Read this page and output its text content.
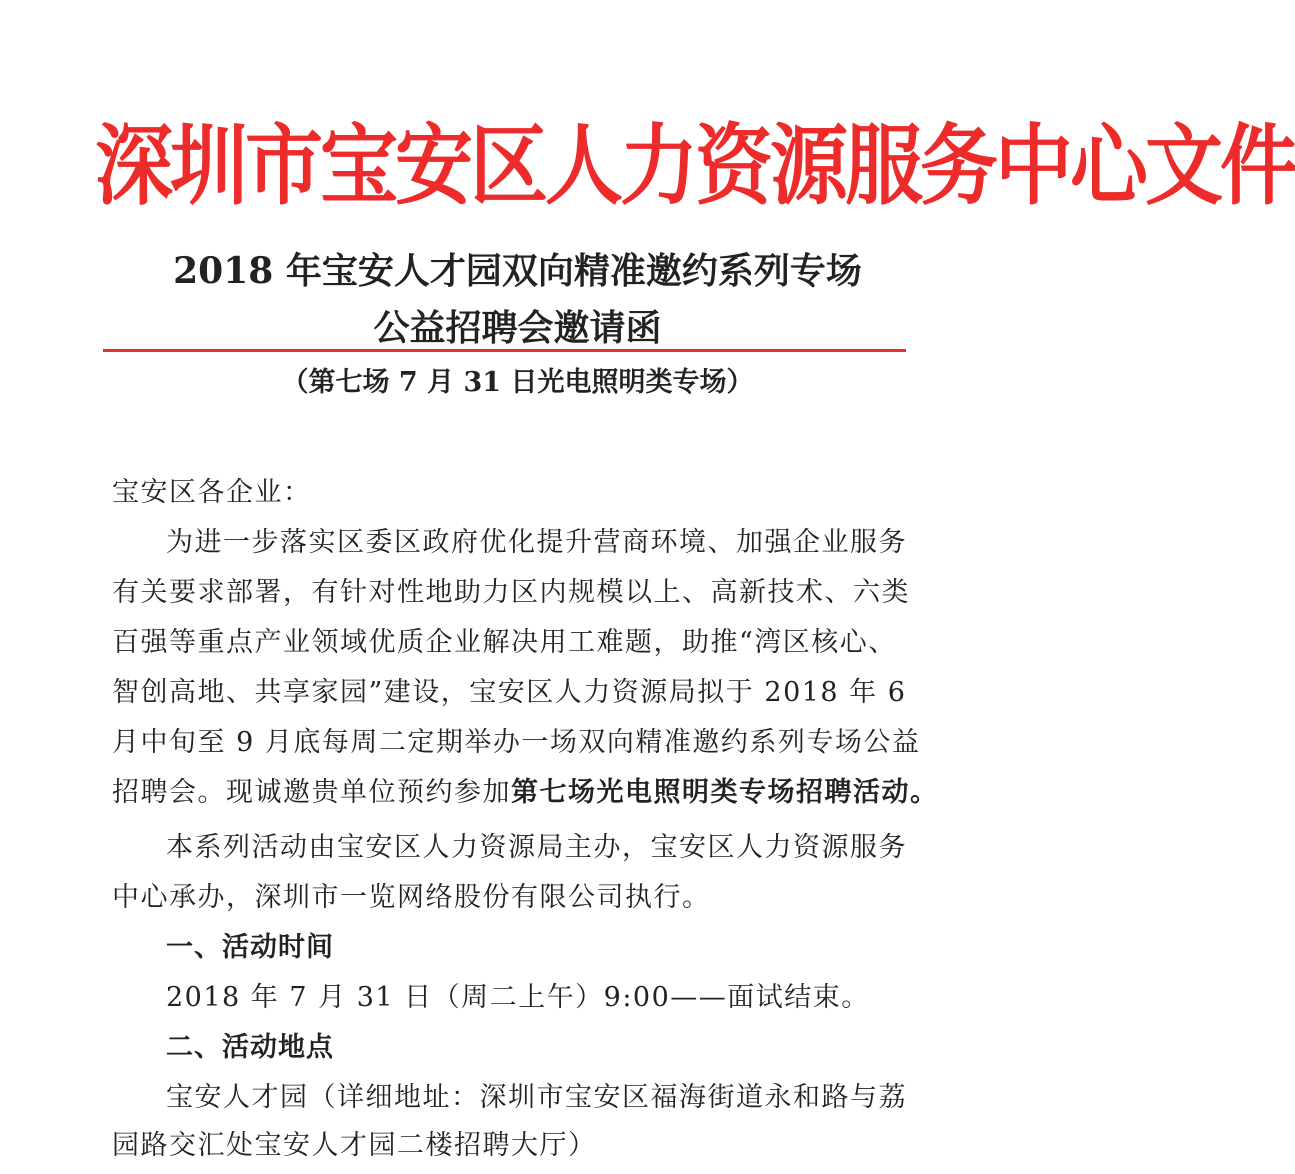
深圳市宝安区人力资源服务中心文件
2018 年宝安人才园双向精准邀约系列专场
公益招聘会邀请函
（第七场 7 月 31 日光电照明类专场）
宝安区各企业：
为进一步落实区委区政府优化提升营商环境、加强企业服务
有关要求部署，有针对性地助力区内规模以上、高新技术、六类
百强等重点产业领域优质企业解决用工难题，助推“湾区核心、
智创高地、共享家园”建设，宝安区人力资源局拟于 2018 年 6
月中旬至 9 月底每周二定期举办一场双向精准邀约系列专场公益
招聘会。现诚邀贵单位预约参加第七场光电照明类专场招聘活动。
本系列活动由宝安区人力资源局主办，宝安区人力资源服务
中心承办，深圳市一览网络股份有限公司执行。
一、活动时间
2018 年 7 月 31 日（周二上午）9:00——面试结束。
二、活动地点
宝安人才园（详细地址：深圳市宝安区福海街道永和路与荔
园路交汇处宝安人才园二楼招聘大厅）
